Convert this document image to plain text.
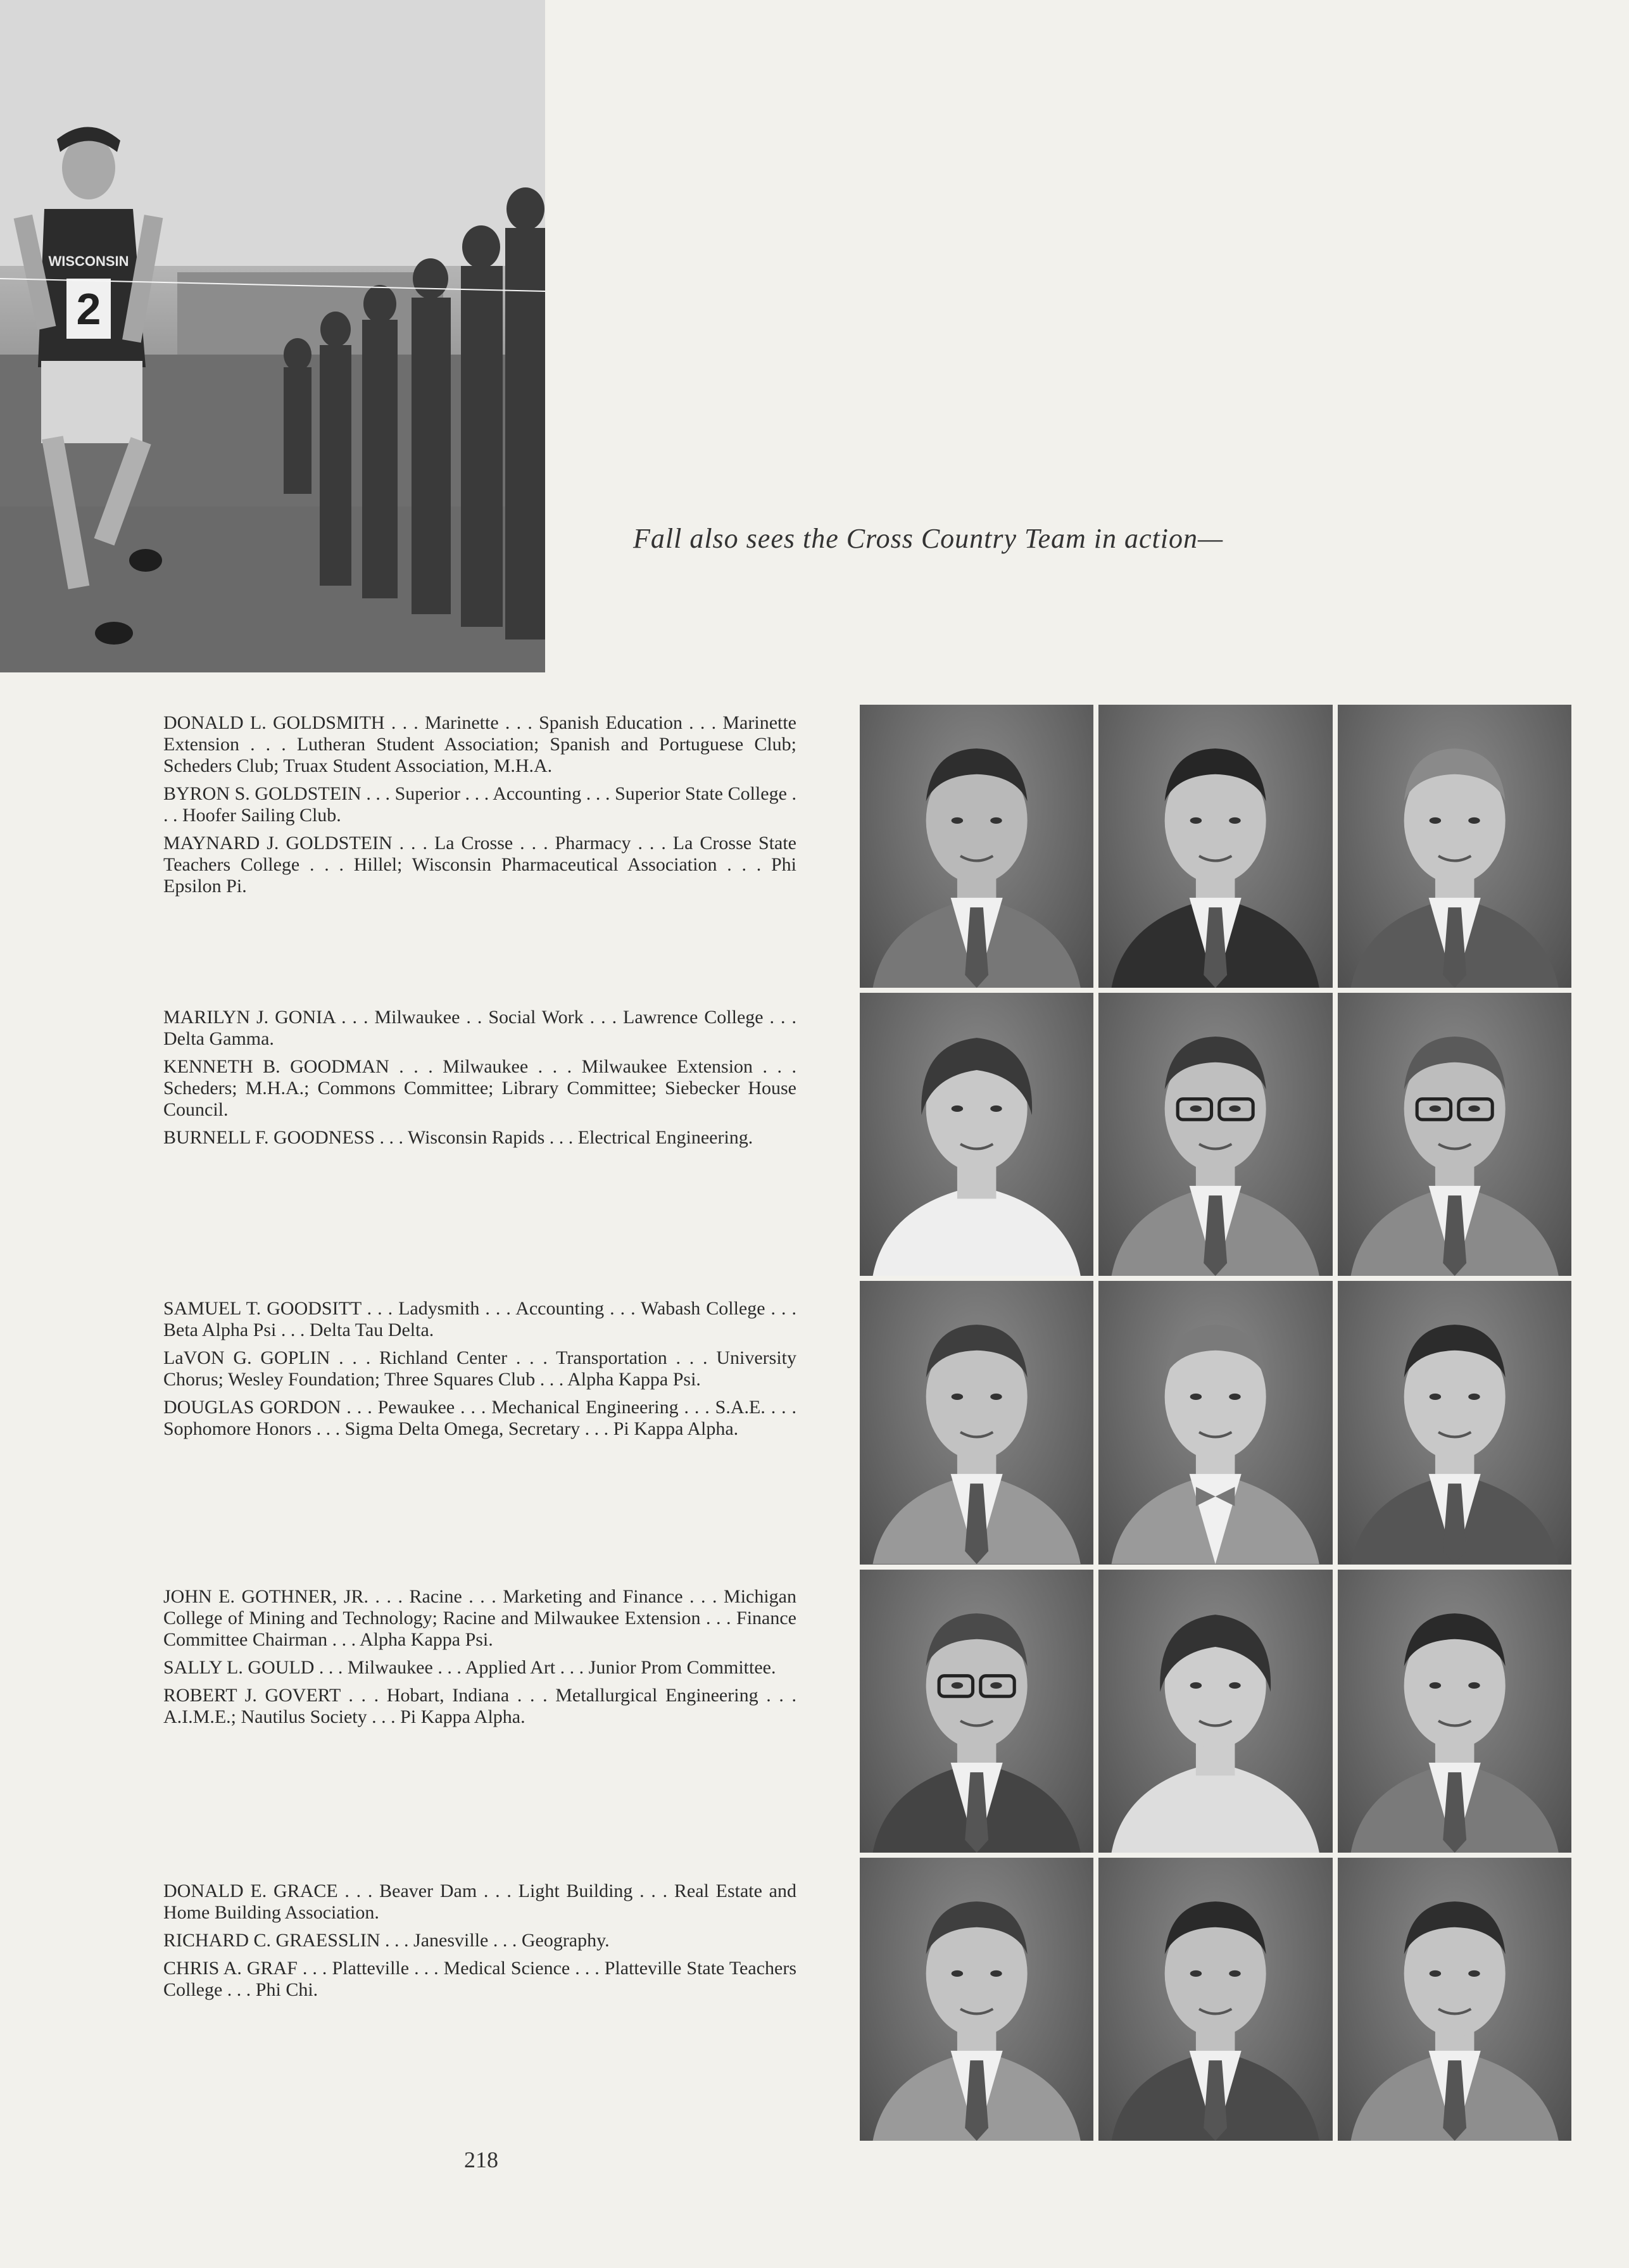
WISCONSIN
2
Fall also sees the Cross Country Team in action—

DONALD L. GOLDSMITH . . . Marinette . . . Spanish Education . . . Marinette Extension . . . Lutheran Student Association; Spanish and Portuguese Club; Scheders Club; Truax Student Association, M.H.A.

BYRON S. GOLDSTEIN . . . Superior . . . Accounting . . . Superior State College . . . Hoofer Sailing Club.

MAYNARD J. GOLDSTEIN . . . La Crosse . . . Pharmacy . . . La Crosse State Teachers College . . . Hillel; Wisconsin Pharmaceutical Association . . . Phi Epsilon Pi.

MARILYN J. GONIA . . . Milwaukee . . Social Work . . . Lawrence College . . . Delta Gamma.

KENNETH B. GOODMAN . . . Milwaukee . . . Milwaukee Extension . . . Scheders; M.H.A.; Commons Committee; Library Committee; Siebecker House Council.

BURNELL F. GOODNESS . . . Wisconsin Rapids . . . Electrical Engineering.

SAMUEL T. GOODSITT . . . Ladysmith . . . Accounting . . . Wabash College . . . Beta Alpha Psi . . . Delta Tau Delta.

LaVON G. GOPLIN . . . Richland Center . . . Transportation . . . University Chorus; Wesley Foundation; Three Squares Club . . . Alpha Kappa Psi.

DOUGLAS GORDON . . . Pewaukee . . . Mechanical Engineering . . . S.A.E. . . . Sophomore Honors . . . Sigma Delta Omega, Secretary . . . Pi Kappa Alpha.

JOHN E. GOTHNER, JR. . . . Racine . . . Marketing and Finance . . . Michigan College of Mining and Technology; Racine and Milwaukee Extension . . . Finance Committee Chairman . . . Alpha Kappa Psi.

SALLY L. GOULD . . . Milwaukee . . . Applied Art . . . Junior Prom Committee.

ROBERT J. GOVERT . . . Hobart, Indiana . . . Metallurgical Engineering . . . A.I.M.E.; Nautilus Society . . . Pi Kappa Alpha.

DONALD E. GRACE . . . Beaver Dam . . . Light Building . . . Real Estate and Home Building Association.

RICHARD C. GRAESSLIN . . . Janesville . . . Geography.

CHRIS A. GRAF . . . Platteville . . . Medical Science . . . Platteville State Teachers College . . . Phi Chi.

218
